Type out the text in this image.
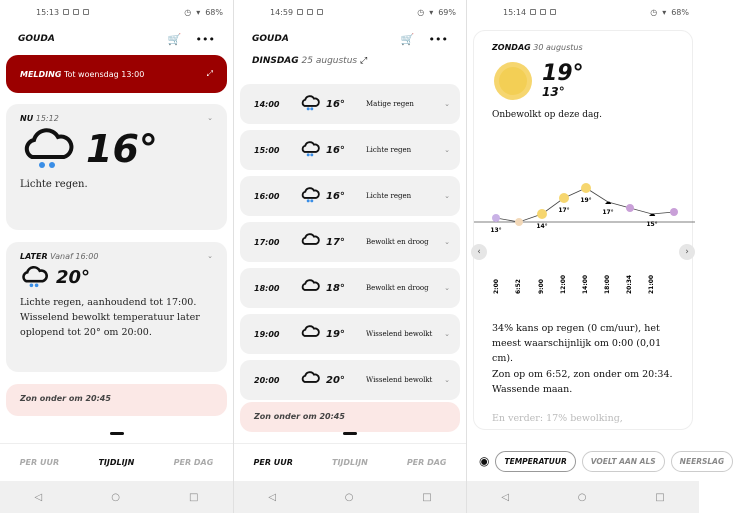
15:13	◷ ▾ 68%
GOUDA	🛒 •••
MELDING Tot woensdag 13:00	⤢
NU 15:12	⌄
16°
Lichte regen.
LATER Vanaf 16:00	⌄
20°
Lichte regen, aanhoudend tot 17:00. Wisselend bewolkt temperatuur later oplopend tot 20° om 20:00.
Zon onder om 20:45
PER UUR	TIJDLIJN	PER DAG
◁	○	□
14:59	◷ ▾ 69%
GOUDA	🛒 •••
DINSDAG 25 augustus ⤢
14:00	16°	Matige regen	⌄
15:00	16°	Lichte regen	⌄
16:00	16°	Lichte regen	⌄
17:00	17°	Bewolkt en droog	⌄
18:00	18°	Bewolkt en droog	⌄
19:00	19°	Wisselend bewolkt	⌄
20:00	20°	Wisselend bewolkt	⌄
Zon onder om 20:45
PER UUR	TIJDLIJN	PER DAG
◁	○	□
15:14	◷ ▾ 68%
ZONDAG 30 augustus
19°
13°
Onbewolkt op deze dag.
☁
☁
13°
14°
17°
19°
17°
15°
2:00	6:52	9:00	12:00	14:00	18:00	20:34	21:00
34% kans op regen (0 cm/uur), het meest waarschijnlijk om 0:00 (0,01 cm).
Zon op om 6:52, zon onder om 20:34. Wassende maan.
En verder: 17% bewolking,
‹	›
◉	TEMPERATUUR	VOELT AAN ALS	NEERSLAG
◁	○	□
